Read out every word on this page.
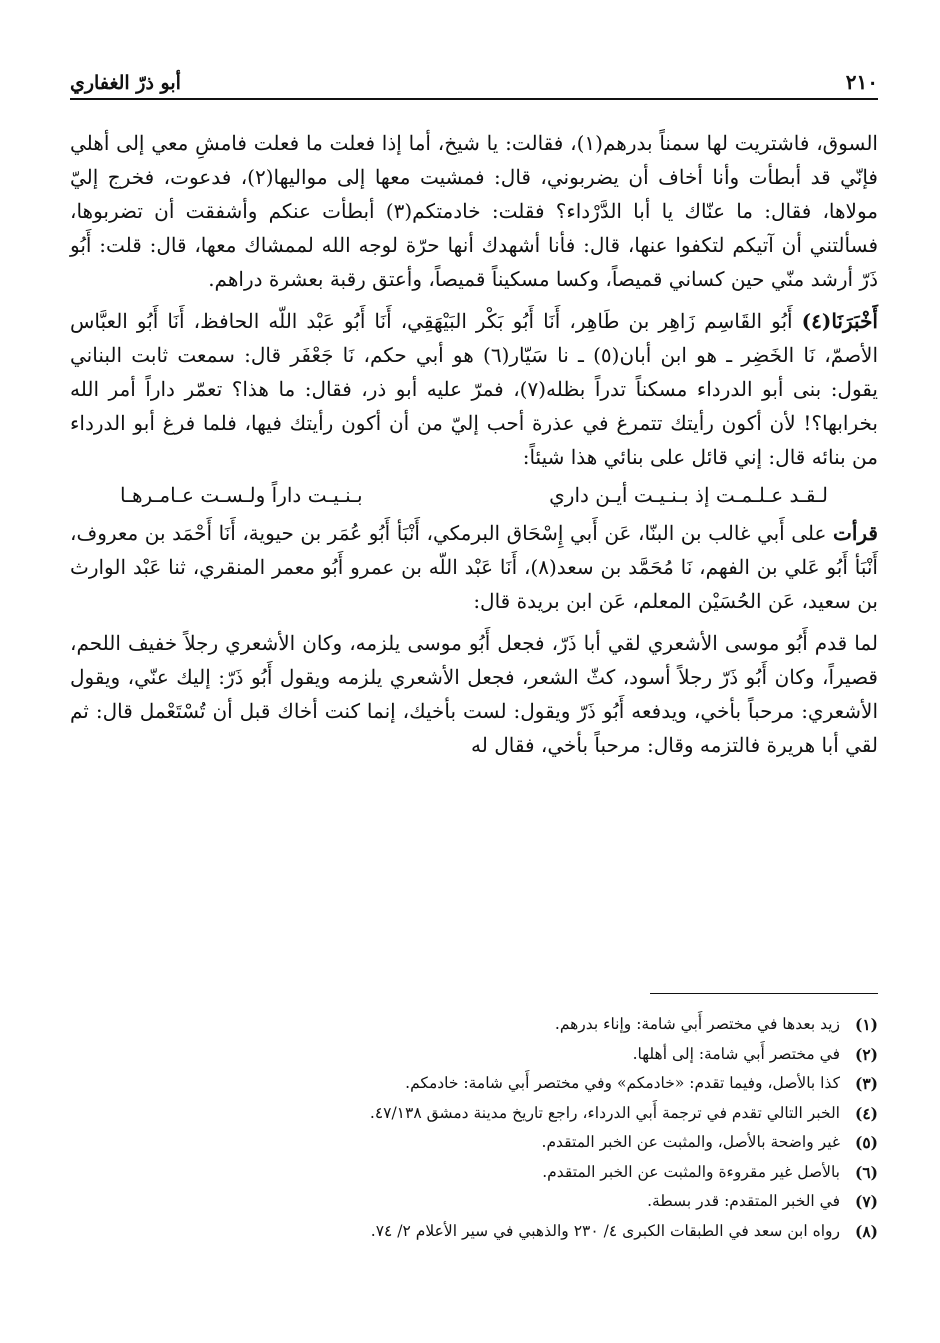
٢١٠
أبو ذرّ الغفاري

السوق، فاشتريت لها سمناً بدرهم(١)، فقالت: يا شيخ، أما إذا فعلت ما فعلت فامشِ معي إلى أهلي فإنّي قد أبطأت وأنا أخاف أن يضربوني، قال: فمشيت معها إلى مواليها(٢)، فدعوت، فخرج إليّ مولاها، فقال: ما عنّاك يا أبا الدَّرْداء؟ فقلت: خادمتكم(٣) أبطأت عنكم وأشفقت أن تضربوها، فسألتني أن آتيكم لتكفوا عنها، قال: فأنا أشهدك أنها حرّة لوجه الله لممشاك معها، قال: قلت: أَبُو ذَرّ أرشد منّي حين كساني قميصاً، وكسا مسكيناً قميصاً، وأعتق رقبة بعشرة دراهم.

أَخْبَرَنَا(٤) أَبُو القَاسِم زَاهِر بن طَاهِر، أَنَا أَبُو بَكْر البَيْهَقِي، أَنَا أَبُو عَبْد اللّه الحافظ، أَنَا أَبُو العبَّاس الأصمّ، نَا الخَضِر ـ هو ابن أبان(٥) ـ نا سَيّار(٦) هو أبي حكم، نَا جَعْفَر قال: سمعت ثابت البناني يقول: بنى أبو الدرداء مسكناً تدراً بظله(٧)، فمرّ عليه أبو ذر، فقال: ما هذا؟ تعمّر داراً أمر الله بخرابها؟! لأن أكون رأيتك تتمرغ في عذرة أحب إليّ من أن أكون رأيتك فيها، فلما فرغ أبو الدرداء من بنائه قال: إني قائل على بنائي هذا شيئاً:

لـقـد عـلـمـت إذ بـنـيـت أيـن داري
بـنـيـت داراً ولـسـت عـامـرهـا

قرأت على أَبي غالب بن البنّا، عَن أَبي إِسْحَاق البرمكي، أَنْبَأ أَبُو عُمَر بن حيوية، أَنَا أَحْمَد بن معروف، أَنْبَأ أَبُو عَلي بن الفهم، نَا مُحَمَّد بن سعد(٨)، أَنَا عَبْد اللّه بن عمرو أَبُو معمر المنقري، ثنا عَبْد الوارث بن سعيد، عَن الحُسَيْن المعلم، عَن ابن بريدة قال:

لما قدم أَبُو موسى الأشعري لقي أبا ذَرّ، فجعل أَبُو موسى يلزمه، وكان الأشعري رجلاً خفيف اللحم، قصيراً، وكان أَبُو ذَرّ رجلاً أسود، كثّ الشعر، فجعل الأشعري يلزمه ويقول أَبُو ذَرّ: إليك عنّي، ويقول الأشعري: مرحباً بأخي، ويدفعه أَبُو ذَرّ ويقول: لست بأخيك، إنما كنت أخاك قبل أن تُسْتَعْمل قال: ثم لقي أبا هريرة فالتزمه وقال: مرحباً بأخي، فقال له

(١)
زيد بعدها في مختصر أَبي شامة: وإناء بدرهم.
(٢)
في مختصر أَبي شامة: إلى أهلها.
(٣)
كذا بالأصل، وفيما تقدم: «خادمكم» وفي مختصر أَبي شامة: خادمكم.
(٤)
الخبر التالي تقدم في ترجمة أَبي الدرداء، راجع تاريخ مدينة دمشق ٤٧/١٣٨.
(٥)
غير واضحة بالأصل، والمثبت عن الخبر المتقدم.
(٦)
بالأصل غير مقروءة والمثبت عن الخبر المتقدم.
(٧)
في الخبر المتقدم: قدر بسطة.
(٨)
رواه ابن سعد في الطبقات الكبرى ٤/ ٢٣٠ والذهبي في سير الأعلام ٢/ ٧٤.
